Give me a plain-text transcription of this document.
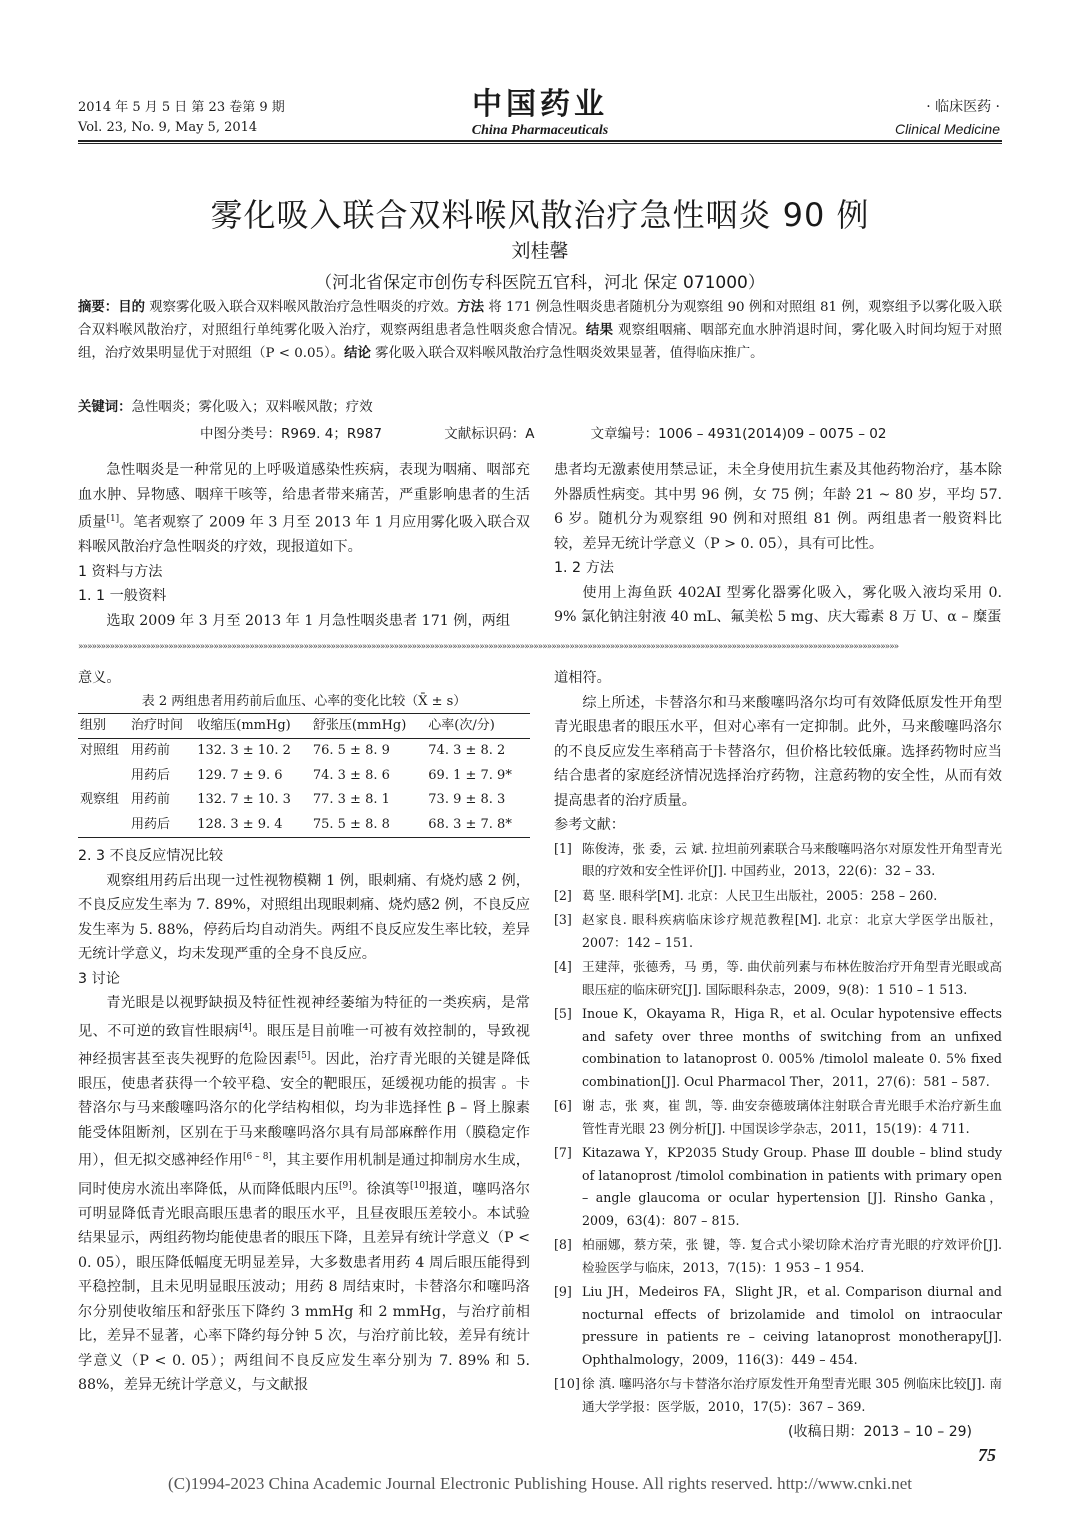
2014 年 5 月 5 日 第 23 卷第 9 期
Vol. 23, No. 9, May 5, 2014
中国药业
China Pharmaceuticals
· 临床医药 ·
Clinical Medicine
雾化吸入联合双料喉风散治疗急性咽炎 90 例
刘桂馨
（河北省保定市创伤专科医院五官科，河北 保定 071000）
摘要：目的 观察雾化吸入联合双料喉风散治疗急性咽炎的疗效。方法 将 171 例急性咽炎患者随机分为观察组 90 例和对照组 81 例，观察组予以雾化吸入联合双料喉风散治疗，对照组行单纯雾化吸入治疗，观察两组患者急性咽炎愈合情况。结果 观察组咽痛、咽部充血水肿消退时间，雾化吸入时间均短于对照组，治疗效果明显优于对照组（P < 0.05）。结论 雾化吸入联合双料喉风散治疗急性咽炎效果显著，值得临床推广。
关键词：急性咽炎；雾化吸入；双料喉风散；疗效
中图分类号：R969. 4；R987	文献标识码：A	文章编号：1006 – 4931(2014)09 – 0075 – 02

急性咽炎是一种常见的上呼吸道感染性疾病，表现为咽痛、咽部充血水肿、异物感、咽痒干咳等，给患者带来痛苦，严重影响患者的生活质量[1]。笔者观察了 2009 年 3 月至 2013 年 1 月应用雾化吸入联合双料喉风散治疗急性咽炎的疗效，现报道如下。

1 资料与方法

1. 1 一般资料

选取 2009 年 3 月至 2013 年 1 月急性咽炎患者 171 例，两组

患者均无激素使用禁忌证，未全身使用抗生素及其他药物治疗，基本除外器质性病变。其中男 96 例，女 75 例；年龄 21 ~ 80 岁，平均 57. 6 岁。随机分为观察组 90 例和对照组 81 例。两组患者一般资料比较，差异无统计学意义（P > 0. 05），具有可比性。

1. 2 方法

使用上海鱼跃 402AI 型雾化器雾化吸入，雾化吸入液均采用 0. 9% 氯化钠注射液 40 mL、氟美松 5 mg、庆大霉素 8 万 U、α – 糜蛋

»»»»»»»»»»»»»»»»»»»»»»»»»»»»»»»»»»»»»»»»»»»»»»»»»»»»»»»»»»»»»»»»»»»»»»»»»»»»»»»»»»»»»»»»»»»»»»»»»»»»»»»»»»»»»»»»»»»»»»»»»»»»»»»»»»»»»»»»»»»»»»»»»»»»»»»»»»»»»»»»»»»»»»»»»»»»»»»»»»»»»»

意义。

表 2 两组患者用药前后血压、心率的变化比较（X̄ ± s）
组别	治疗时间	收缩压(mmHg)	舒张压(mmHg)	心率(次/分)
对照组	用药前	132. 3 ± 10. 2	76. 5 ± 8. 9	74. 3 ± 8. 2
	用药后	129. 7 ± 9. 6	74. 3 ± 8. 6	69. 1 ± 7. 9*
观察组	用药前	132. 7 ± 10. 3	77. 3 ± 8. 1	73. 9 ± 8. 3
	用药后	128. 3 ± 9. 4	75. 5 ± 8. 8	68. 3 ± 7. 8*

2. 3 不良反应情况比较

观察组用药后出现一过性视物模糊 1 例，眼刺痛、有烧灼感 2 例，不良反应发生率为 7. 89%，对照组出现眼刺痛、烧灼感2 例，不良反应发生率为 5. 88%，停药后均自动消失。两组不良反应发生率比较，差异无统计学意义，均未发现严重的全身不良反应。

3 讨论

青光眼是以视野缺损及特征性视神经萎缩为特征的一类疾病，是常见、不可逆的致盲性眼病[4]。眼压是目前唯一可被有效控制的，导致视神经损害甚至丧失视野的危险因素[5]。因此，治疗青光眼的关键是降低眼压，使患者获得一个较平稳、安全的靶眼压，延缓视功能的损害 。卡替洛尔与马来酸噻吗洛尔的化学结构相似，均为非选择性 β – 肾上腺素能受体阻断剂，区别在于马来酸噻吗洛尔具有局部麻醉作用（膜稳定作用），但无拟交感神经作用[6 – 8]，其主要作用机制是通过抑制房水生成，同时使房水流出率降低，从而降低眼内压[9]。徐滇等[10]报道，噻吗洛尔可明显降低青光眼高眼压患者的眼压水平，且昼夜眼压差较小。本试验结果显示，两组药物均能使患者的眼压下降，且差异有统计学意义（P < 0. 05），眼压降低幅度无明显差异，大多数患者用药 4 周后眼压能得到平稳控制，且未见明显眼压波动；用药 8 周结束时，卡替洛尔和噻吗洛尔分别使收缩压和舒张压下降约 3 mmHg 和 2 mmHg，与治疗前相比，差异不显著，心率下降约每分钟 5 次，与治疗前比较，差异有统计学意义（P < 0. 05）；两组间不良反应发生率分别为 7. 89% 和 5. 88%，差异无统计学意义，与文献报

道相符。

综上所述，卡替洛尔和马来酸噻吗洛尔均可有效降低原发性开角型青光眼患者的眼压水平，但对心率有一定抑制。此外，马来酸噻吗洛尔的不良反应发生率稍高于卡替洛尔，但价格比较低廉。选择药物时应当结合患者的家庭经济情况选择治疗药物，注意药物的安全性，从而有效提高患者的治疗质量。

参考文献：

[1] 陈俊涛，张 委，云 斌. 拉坦前列素联合马来酸噻吗洛尔对原发性开角型青光眼的疗效和安全性评价[J]. 中国药业，2013，22(6)：32 – 33.
[2] 葛 坚. 眼科学[M]. 北京：人民卫生出版社，2005：258 – 260.
[3] 赵家良. 眼科疾病临床诊疗规范教程[M]. 北京：北京大学医学出版社，2007：142 – 151.
[4] 王建萍，张德秀，马 勇，等. 曲伏前列素与布林佐胺治疗开角型青光眼或高眼压症的临床研究[J]. 国际眼科杂志，2009，9(8)：1 510 – 1 513.
[5] Inoue K，Okayama R，Higa R，et al. Ocular hypotensive effects and safety over three months of switching from an unfixed combination to latanoprost 0. 005% /timolol maleate 0. 5% fixed combination[J]. Ocul Pharmacol Ther，2011，27(6)：581 – 587.
[6] 谢 志，张 爽，崔 凯，等. 曲安奈德玻璃体注射联合青光眼手术治疗新生血管性青光眼 23 例分析[J]. 中国误诊学杂志，2011，15(19)：4 711.
[7] Kitazawa Y，KP2035 Study Group. Phase Ⅲ double – blind study of latanoprost /timolol combination in patients with primary open – angle glaucoma or ocular hypertension [J]. Rinsho Ganka，2009，63(4)：807 – 815.
[8] 柏丽娜，蔡方荣，张 键，等. 复合式小梁切除术治疗青光眼的疗效评价[J]. 检验医学与临床，2013，7(15)：1 953 – 1 954.
[9] Liu JH，Medeiros FA，Slight JR，et al. Comparison diurnal and nocturnal effects of brizolamide and timolol on intraocular pressure in patients re – ceiving latanoprost monotherapy[J]. Ophthalmology，2009，116(3)：449 – 454.
[10] 徐 滇. 噻吗洛尔与卡替洛尔治疗原发性开角型青光眼 305 例临床比较[J]. 南通大学学报：医学版，2010，17(5)：367 – 369.
(收稿日期：2013 – 10 – 29)
75
(C)1994-2023 China Academic Journal Electronic Publishing House. All rights reserved. http://www.cnki.net
